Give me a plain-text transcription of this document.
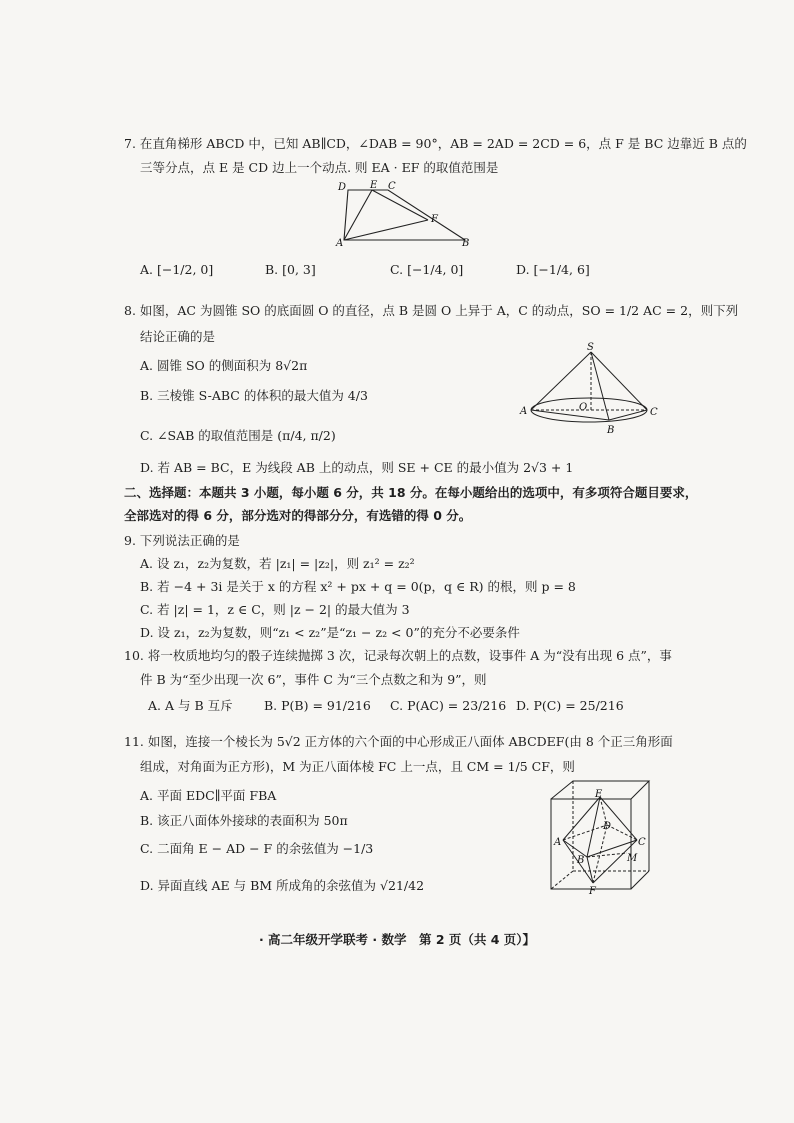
7. 在直角梯形 ABCD 中，已知 AB∥CD，∠DAB = 90°，AB = 2AD = 2CD = 6，点 F 是 BC 边靠近 B 点的
三等分点，点 E 是 CD 边上一个动点. 则 EA · EF 的取值范围是
D E C
F
A	B
A. [−1/2, 0]	B. [0, 3]	C. [−1/4, 0]	D. [−1/4, 6]
8. 如图，AC 为圆锥 SO 的底面圆 O 的直径，点 B 是圆 O 上异于 A，C 的动点，SO = 1/2 AC = 2，则下列
结论正确的是
A. 圆锥 SO 的侧面积为 8√2π
B. 三棱锥 S-ABC 的体积的最大值为 4/3
C. ∠SAB 的取值范围是 (π/4, π/2)
D. 若 AB = BC，E 为线段 AB 上的动点，则 SE + CE 的最小值为 2√3 + 1
S
A	O	C
B
二、选择题：本题共 3 小题，每小题 6 分，共 18 分。在每小题给出的选项中，有多项符合题目要求，
全部选对的得 6 分，部分选对的得部分分，有选错的得 0 分。
9. 下列说法正确的是
A. 设 z₁，z₂为复数，若 |z₁| = |z₂|，则 z₁² = z₂²
B. 若 −4 + 3i 是关于 x 的方程 x² + px + q = 0(p，q ∈ R) 的根，则 p = 8
C. 若 |z| = 1，z ∈ C，则 |z − 2| 的最大值为 3
D. 设 z₁，z₂为复数，则“z₁ < z₂”是“z₁ − z₂ < 0”的充分不必要条件
10. 将一枚质地均匀的骰子连续抛掷 3 次，记录每次朝上的点数，设事件 A 为“没有出现 6 点”，事
件 B 为“至少出现一次 6”，事件 C 为“三个点数之和为 9”，则
A. A 与 B 互斥	B. P(B) = 91/216 C. P(AC) = 23/216 D. P(C) = 25/216
11. 如图，连接一个棱长为 5√2 正方体的六个面的中心形成正八面体 ABCDEF(由 8 个正三角形面
组成，对角面为正方形)，M 为正八面体棱 FC 上一点，且 CM = 1/5 CF，则
A. 平面 EDC∥平面 FBA
B. 该正八面体外接球的表面积为 50π
C. 二面角 E − AD − F 的余弦值为 −1/3
D. 异面直线 AE 与 BM 所成角的余弦值为 √21/42
E
D
A	C
B	M
F
· 高二年级开学联考 · 数学　第 2 页（共 4 页）】
